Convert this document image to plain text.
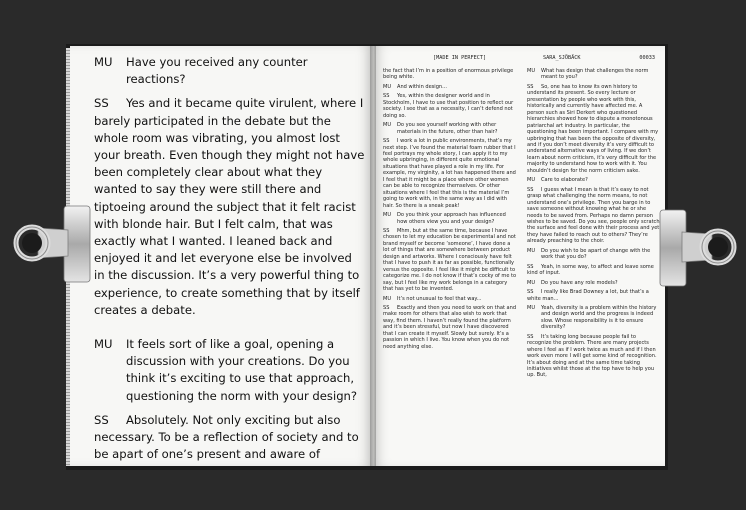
MU	Have you received any counter reactions?
SS	Yes and it became quite virulent, where I barely participated in the debate but the whole room was vibrating, you almost lost your breath. Even though they might not have been completely clear about what they wanted to say they were still there and tiptoeing around the subject that it felt racist with blonde hair. But I felt calm, that was exactly what I wanted. I leaned back and enjoyed it and let everyone else be involved in the discussion. It’s a very powerful thing to experience, to create something that by itself creates a debate.
MU	It feels sort of like a goal, opening a discussion with your creations. Do you think it’s exciting to use that approach, questioning the norm with your design?
SS	Absolutely. Not only exciting but also necessary. To be a reflection of society and to be apart of one’s present and aware of
[MADE IN PERFECT]	SARA_SJÖBÄCK	00033
the fact that I’m in a position of enormous privilege being white.
MU	And within design...
SS	Yes, within the designer world and in Stockholm, I have to use that position to reflect our society. I see that as a necessity, I can’t defend not doing so.
MU	Do you see yourself working with other materials in the future, other than hair?
SS	I work a lot in public environments, that’s my next step. I’ve found the material foam rubber that I feel portrays my whole story, I can apply it to my whole upbringing, in different quite emotional situations that have played a role in my life. For example, my virginity, a lot has happened there and I feel that it might be a place where other women can be able to recognize themselves. Or other situations where I feel that this is the material I’m going to work with, in the same way as I did with hair. So there is a sneak peak!
MU	Do you think your approach has influenced how others view you and your design?
SS	Mhm, but at the same time, because I have chosen to let my education be experimental and not brand myself or become ‘someone’, I have done a lot of things that are somewhere between product design and artworks. Where I consciously have felt that I have to push it as far as possible, functionally versus the opposite. I feel like it might be difficult to categorize me. I do not know if that’s cocky of me to say, but I feel like my work belongs in a category that has yet to be invented.
MU	It’s not unusual to feel that way...
SS	Exactly and then you need to work on that and make room for others that also wish to work that way, find them. I haven’t really found the platform and it’s been stressful, but now I have discovered that I can create it myself. Slowly but surely. It’s a passion in which I live. You know when you do not need anything else.
MU	What has design that challenges the norm meant to you?
SS	So, one has to know its own history to understand its present. So every lecture or presentation by people who work with this, historically and currently have affected me. A person such as Siri Derkert who questioned hierarchies showed how to dispute a monotonous patriarchal art industry. In particular, the questioning has been important. I compare with my upbringing that has been the opposite of diversity, and if you don’t meet diversity it’s very difficult to understand alternative ways of living. If we don’t learn about norm criticism, it’s very difficult for the majority to understand how to work with it. You shouldn’t design for the norm criticism sake.
MU	Care to elaborate?
SS	I guess what I mean is that it’s easy to not grasp what challenging the norm means, to not understand one’s privilege. Then you barge in to save someone without knowing what he or she needs to be saved from. Perhaps no damn person wishes to be saved. Do you see, people only scratch the surface and feel done with their process and yet they have failed to reach out to others? They’re already preaching to the choir.
MU	Do you wish to be apart of change with the work that you do?
SS	Yeah, in some way, to affect and leave some kind of input.
MU	Do you have any role models?
SS	I really like Brad Downey a lot, but that’s a white man...
MU	Yeah, diversity is a problem within the history and design world and the progress is indeed slow. Whose responsibility is it to ensure diversity?
SS	It’s taking long because people fail to recognize the problem. There are many projects where I feel as if I work twice as much and if I then work even more I will get some kind of recognition. It’s about doing and at the same time taking initiatives whilst those at the top have to help you up. But,
